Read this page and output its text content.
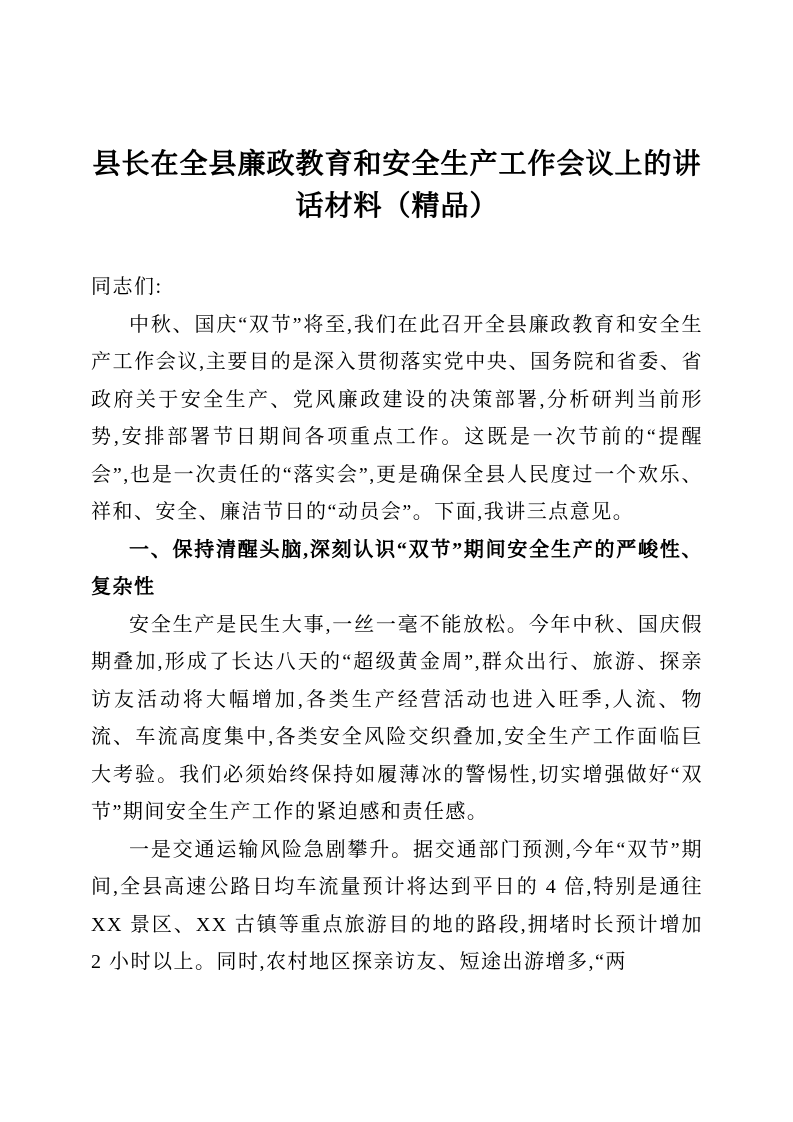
县长在全县廉政教育和安全生产工作会议上的讲话材料（精品）

同志们:

中秋、国庆“双节”将至,我们在此召开全县廉政教育和安全生产工作会议,主要目的是深入贯彻落实党中央、国务院和省委、省政府关于安全生产、党风廉政建设的决策部署,分析研判当前形势,安排部署节日期间各项重点工作。这既是一次节前的“提醒会”,也是一次责任的“落实会”,更是确保全县人民度过一个欢乐、祥和、安全、廉洁节日的“动员会”。下面,我讲三点意见。

一、保持清醒头脑,深刻认识“双节”期间安全生产的严峻性、复杂性

安全生产是民生大事,一丝一毫不能放松。今年中秋、国庆假期叠加,形成了长达八天的“超级黄金周”,群众出行、旅游、探亲访友活动将大幅增加,各类生产经营活动也进入旺季,人流、物流、车流高度集中,各类安全风险交织叠加,安全生产工作面临巨大考验。我们必须始终保持如履薄冰的警惕性,切实增强做好“双节”期间安全生产工作的紧迫感和责任感。

一是交通运输风险急剧攀升。据交通部门预测,今年“双节”期间,全县高速公路日均车流量预计将达到平日的 4 倍,特别是通往 XX 景区、XX 古镇等重点旅游目的地的路段,拥堵时长预计增加 2 小时以上。同时,农村地区探亲访友、短途出游增多,“两
